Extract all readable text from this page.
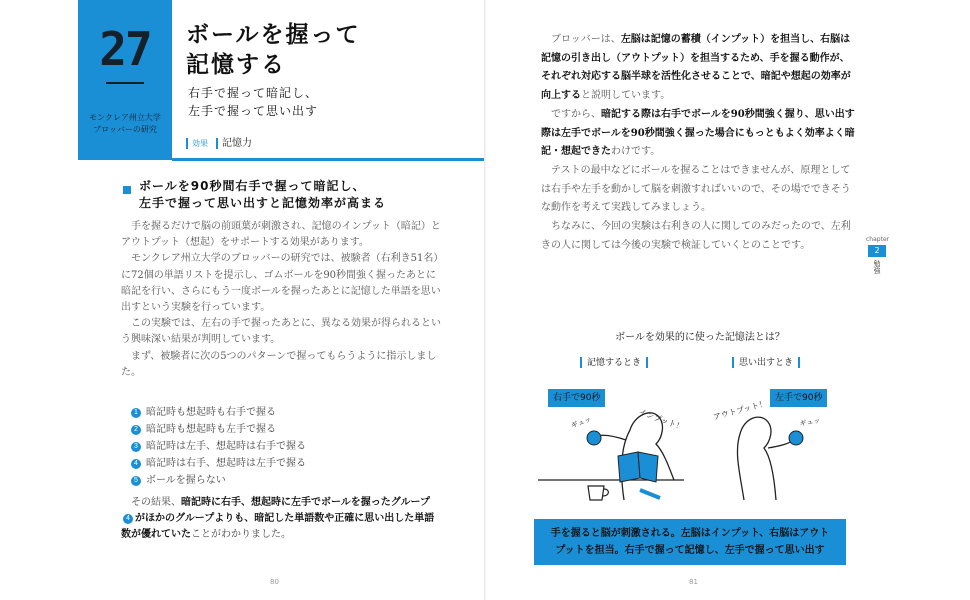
27
モンクレア州立大学
ブロッバーの研究
ボールを握って
記憶する
右手で握って暗記し、
左手で握って思い出す
効果 記憶力
ボールを90秒間右手で握って暗記し、
左手で握って思い出すと記憶効率が高まる

手を握るだけで脳の前頭葉が刺激され、記憶のインプット（暗記）とアウトプット（想起）をサポートする効果があります。

モンクレア州立大学のブロッバーの研究では、被験者（右利き51名）に72個の単語リストを提示し、ゴムボールを90秒間強く握ったあとに暗記を行い、さらにもう一度ボールを握ったあとに記憶した単語を思い出すという実験を行っています。

この実験では、左右の手で握ったあとに、異なる効果が得られるという興味深い結果が判明しています。

まず、被験者に次の5つのパターンで握ってもらうように指示しました。

1 暗記時も想起時も右手で握る
2 暗記時も想起時も左手で握る
3 暗記時は左手、想起時は右手で握る
4 暗記時は右手、想起時は左手で握る
5 ボールを握らない
その結果、暗記時に右手、想起時に左手でボールを握ったグループ4 がほかのグループよりも、暗記した単語数や正確に思い出した単語数が優れていたことがわかりました。
80

ブロッバーは、左脳は記憶の蓄積（インプット）を担当し、右脳は記憶の引き出し（アウトプット）を担当するため、手を握る動作が、それぞれ対応する脳半球を活性化させることで、暗記や想起の効率が向上すると説明しています。

ですから、暗記する際は右手でボールを90秒間強く握り、思い出す際は左手でボールを90秒間強く握った場合にもっともよく効率よく暗記・想起できたわけです。

テストの最中などにボールを握ることはできませんが、原理としては右手や左手を動かして脳を刺激すればいいので、その場でできそうな動作を考えて実践してみましょう。

ちなみに、今回の実験は右利きの人に関してのみだったので、左利きの人に関しては今後の実験で検証していくとのことです。

chapter
2
勉強
ボールを効果的に使った記憶法とは？
記憶するとき	思い出すとき
インプット！	アウトプット！
ギュッ	ギュッ
右手で90秒	左手で90秒
手を握ると脳が刺激される。左脳はインプット、右脳はアウト
プットを担当。右手で握って記憶し、左手で握って思い出す
81
